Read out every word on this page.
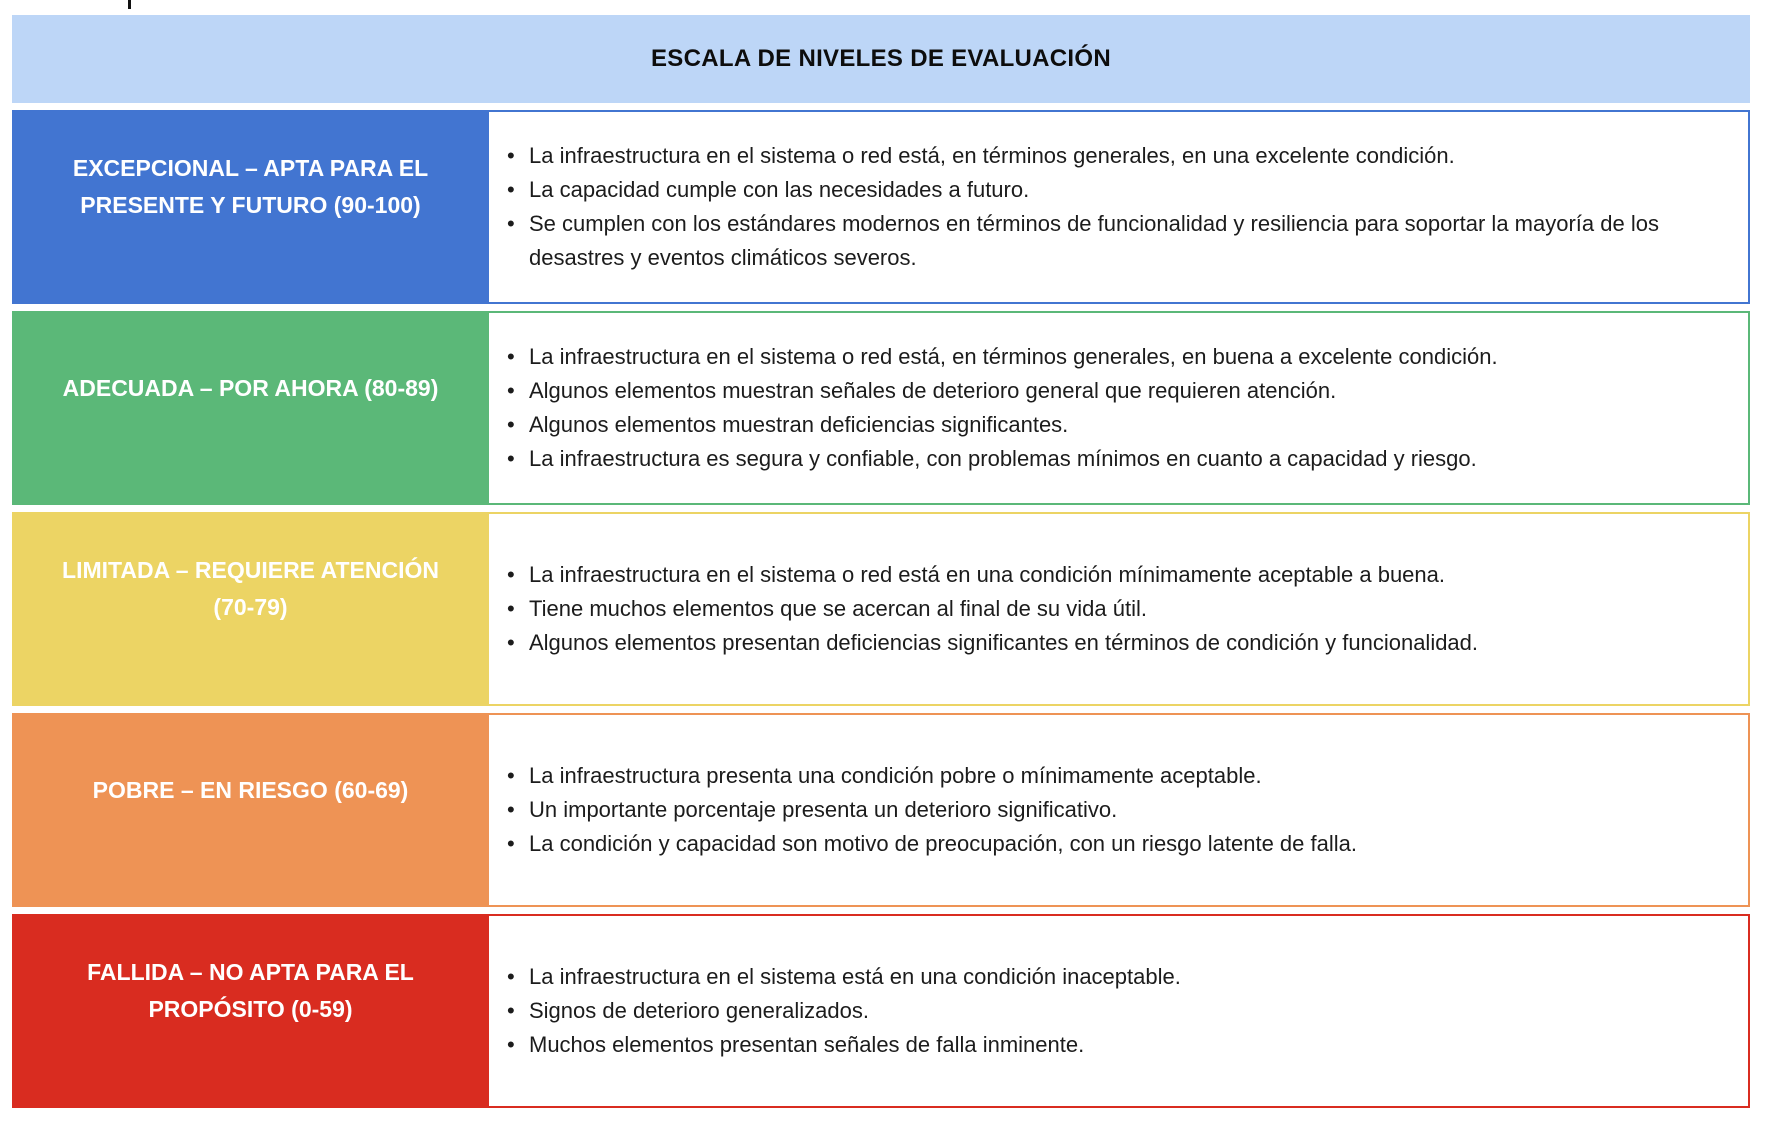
ESCALA DE NIVELES DE EVALUACIÓN
EXCEPCIONAL – APTA PARA EL PRESENTE Y FUTURO (90-100)
• La infraestructura en el sistema o red está, en términos generales, en una excelente condición.
• La capacidad cumple con las necesidades a futuro.
• Se cumplen con los estándares modernos en términos de funcionalidad y resiliencia para soportar la mayoría de los desastres y eventos climáticos severos.
ADECUADA – POR AHORA (80-89)
• La infraestructura en el sistema o red está, en términos generales, en buena a excelente condición.
• Algunos elementos muestran señales de deterioro general que requieren atención.
• Algunos elementos muestran deficiencias significantes.
• La infraestructura es segura y confiable, con problemas mínimos en cuanto a capacidad y riesgo.
LIMITADA – REQUIERE ATENCIÓN (70-79)
• La infraestructura en el sistema o red está en una condición mínimamente aceptable a buena.
• Tiene muchos elementos que se acercan al final de su vida útil.
• Algunos elementos presentan deficiencias significantes en términos de condición y funcionalidad.
POBRE – EN RIESGO (60-69)
• La infraestructura presenta una condición pobre o mínimamente aceptable.
• Un importante porcentaje presenta un deterioro significativo.
• La condición y capacidad son motivo de preocupación, con un riesgo latente de falla.
FALLIDA – NO APTA PARA EL PROPÓSITO (0-59)
• La infraestructura en el sistema está en una condición inaceptable.
• Signos de deterioro generalizados.
• Muchos elementos presentan señales de falla inminente.
